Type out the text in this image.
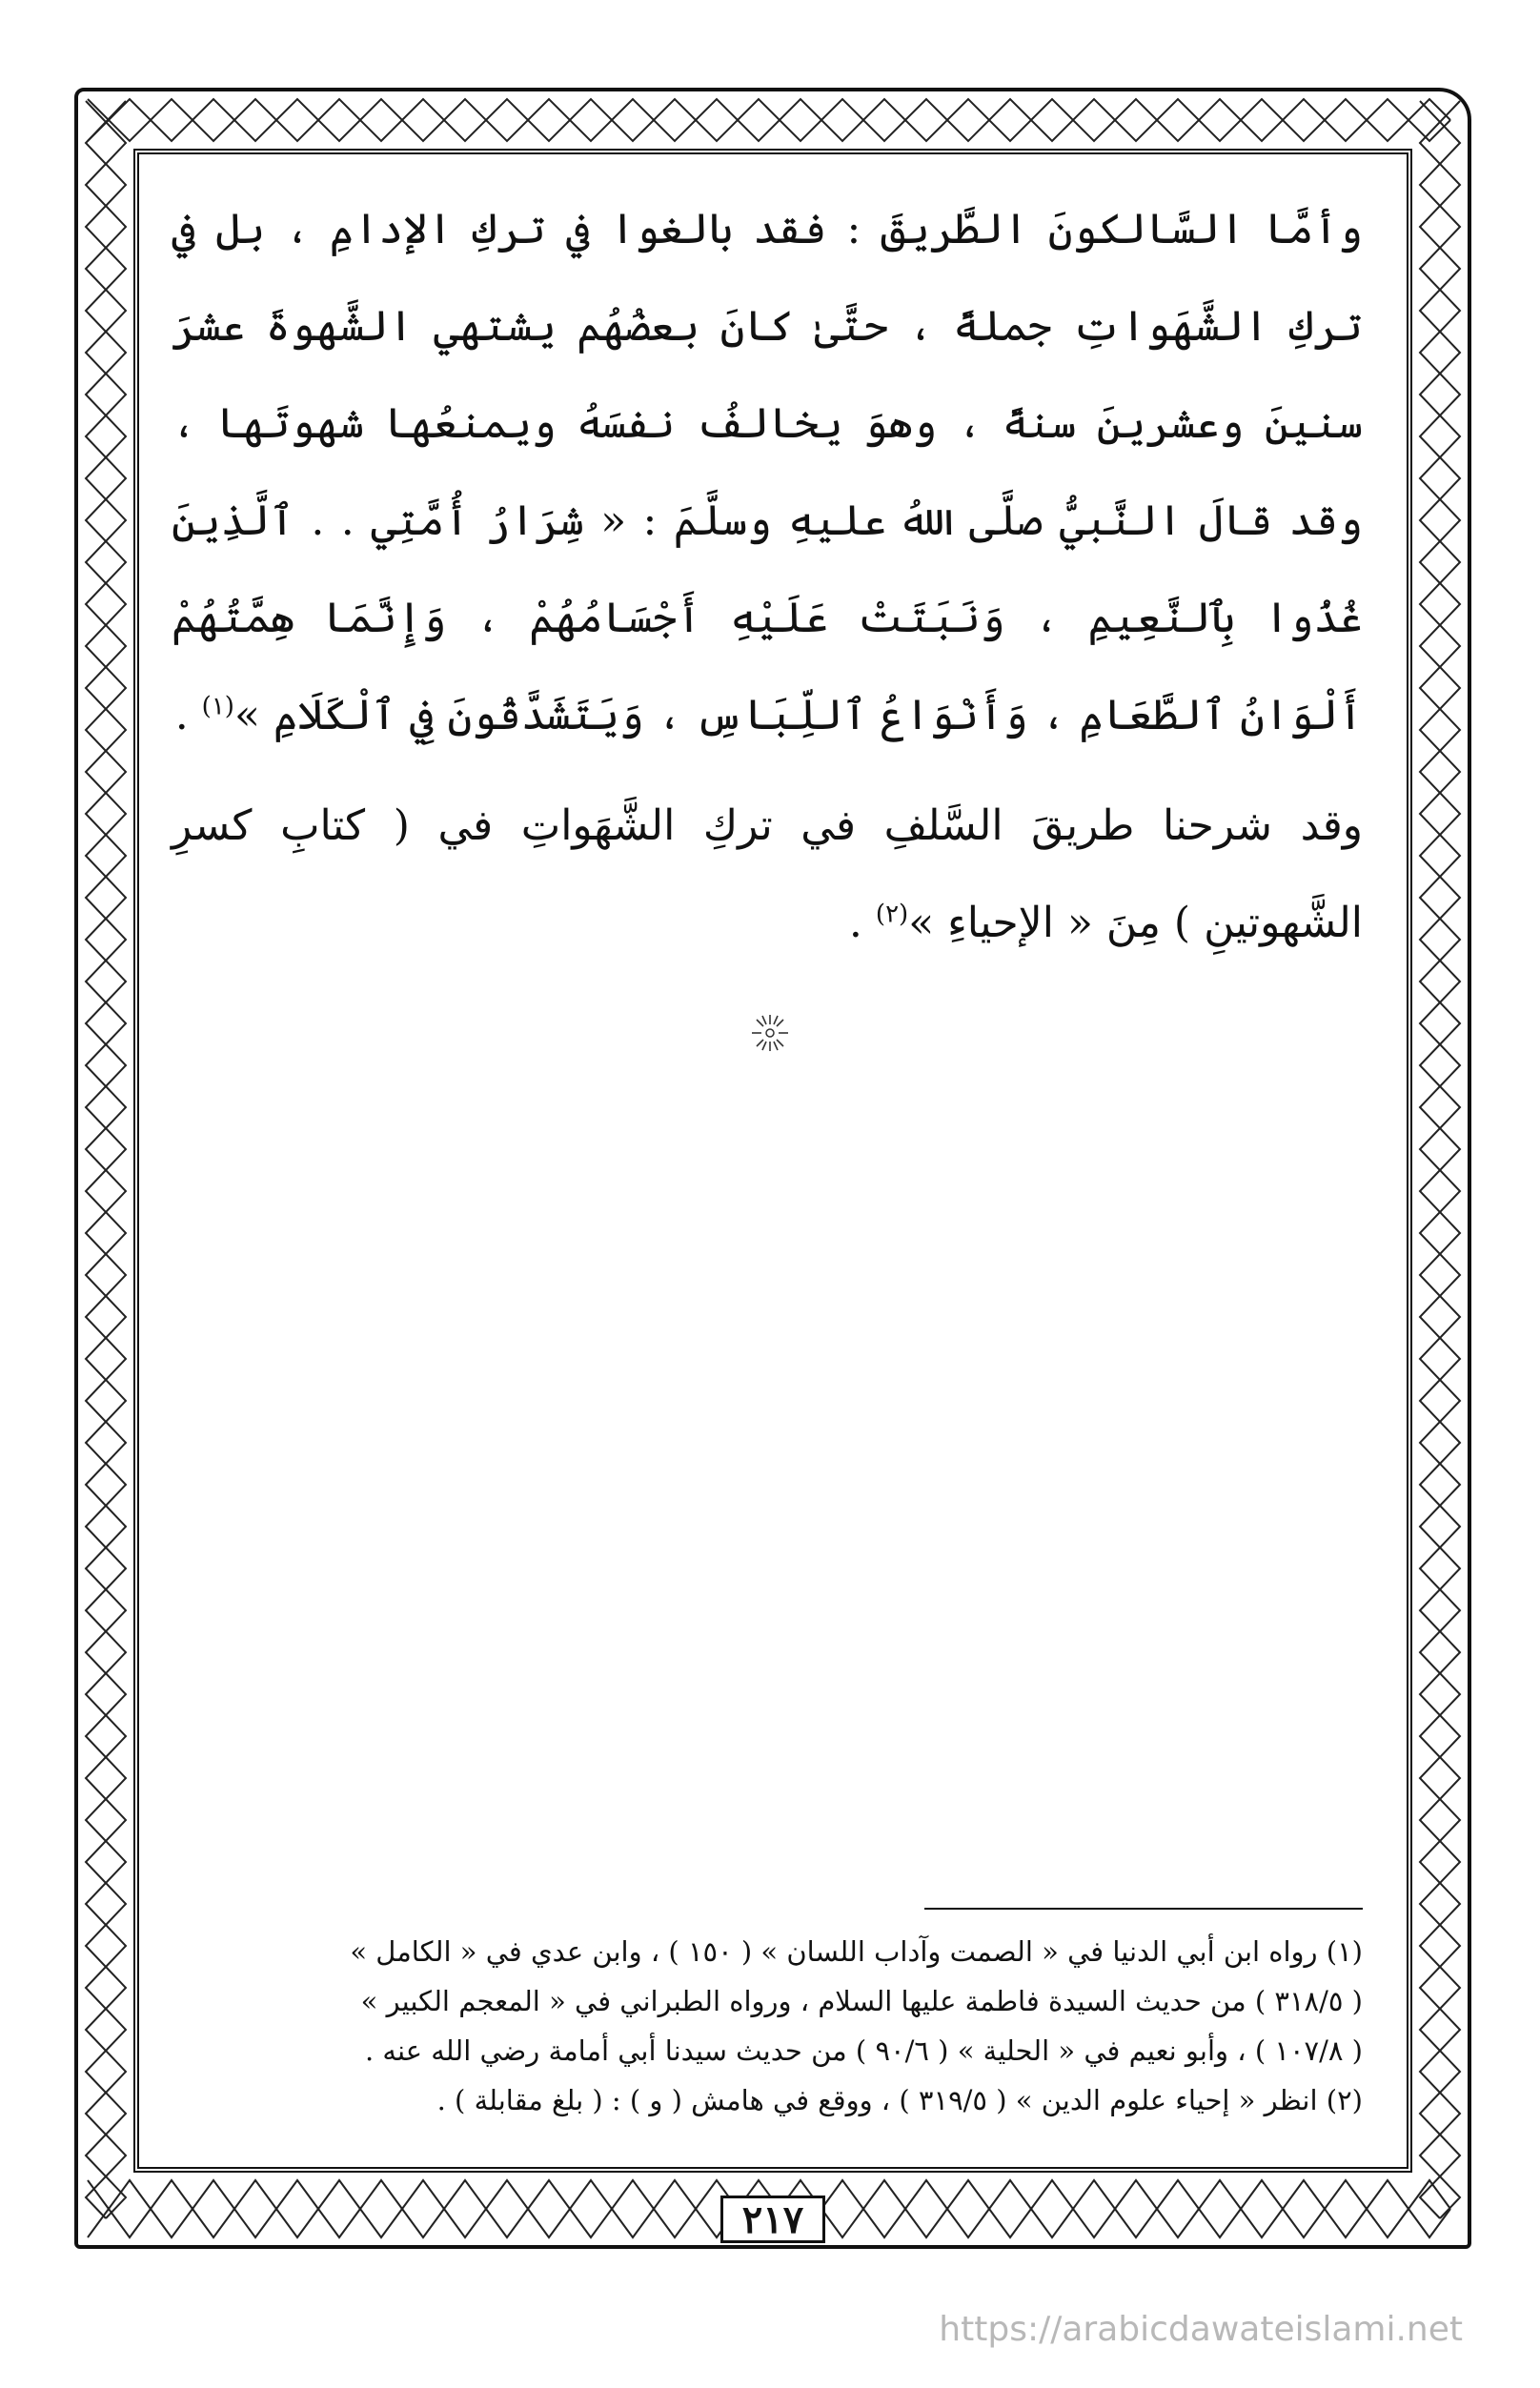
وأمَّا السَّالكونَ الطَّريقَ : فقد بالغوا في تركِ الإدامِ ، بل في تركِ الشَّهَواتِ جملةً ، حتَّىٰ كانَ بعضُهُم يشتهي الشَّهوةَ عشرَ سنينَ وعشرينَ سنةً ، وهوَ يخالفُ نفسَهُ ويمنعُها شهوتَها ، وقد قالَ النَّبيُّ صلَّى اللهُ عليهِ وسلَّمَ : « شِرَارُ أُمَّتِي . . ٱلَّذِينَ غُذُوا بِٱلنَّعِيمِ ، وَنَبَتَتْ عَلَيْهِ أَجْسَامُهُمْ ، وَإِنَّمَا هِمَّتُهُمْ أَلْوَانُ ٱلطَّعَامِ ، وَأَنْوَاعُ ٱللِّبَاسِ ، وَيَتَشَدَّقُونَ فِي ٱلْكَلَامِ »$^{(١)}$ .

وقد شرحنا طريقَ السَّلفِ في تركِ الشَّهَواتِ في ( كتابِ كسرِ الشَّهوتينِ ) مِنَ « الإحياءِ »$^{(٢)}$ .

(١) رواه ابن أبي الدنيا في « الصمت وآداب اللسان » ( ١٥٠ ) ، وابن عدي في « الكامل »

( ٣١٨/٥ ) من حديث السيدة فاطمة عليها السلام ، ورواه الطبراني في « المعجم الكبير »

( ١٠٧/٨ ) ، وأبو نعيم في « الحلية » ( ٩٠/٦ ) من حديث سيدنا أبي أمامة رضي الله عنه .

(٢) انظر « إحياء علوم الدين » ( ٣١٩/٥ ) ، ووقع في هامش ( و ) : ( بلغ مقابلة ) .

٢١٧
https://arabicdawateislami.net
